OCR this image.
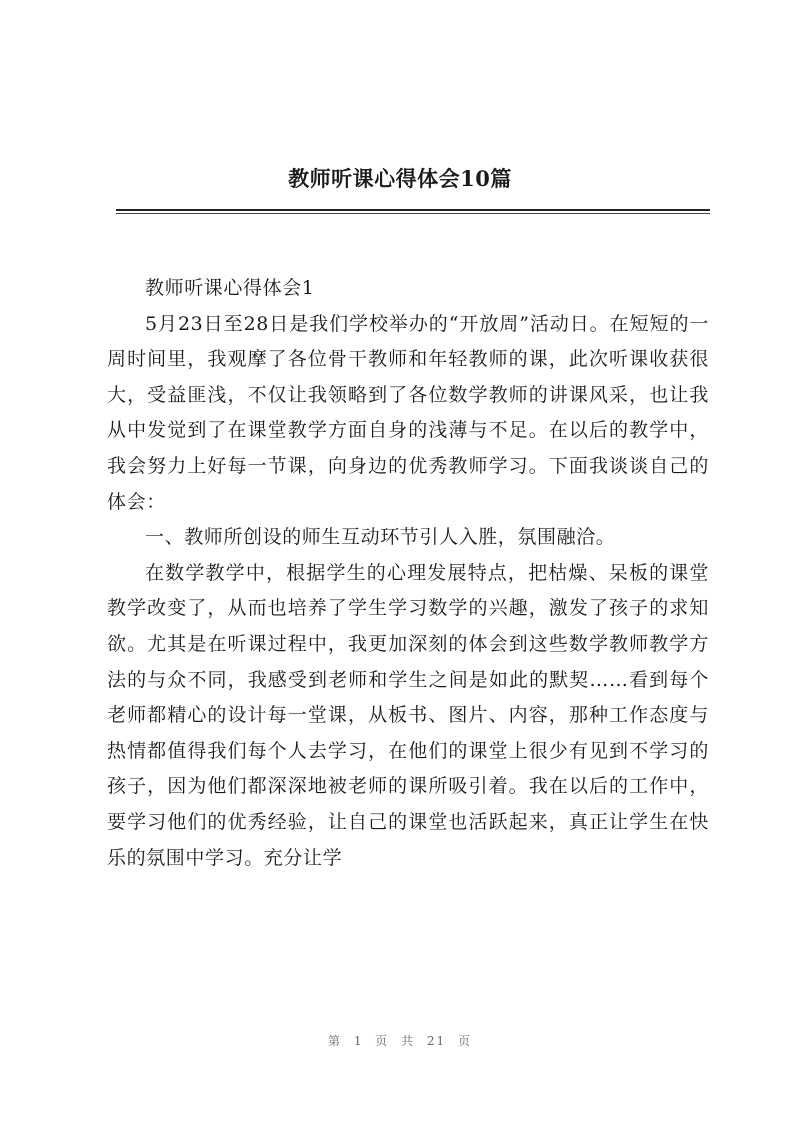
教师听课心得体会10篇

教师听课心得体会1

5月23日至28日是我们学校举办的“开放周”活动日。在短短的一周时间里，我观摩了各位骨干教师和年轻教师的课，此次听课收获很大，受益匪浅，不仅让我领略到了各位数学教师的讲课风采，也让我从中发觉到了在课堂教学方面自身的浅薄与不足。在以后的教学中，我会努力上好每一节课，向身边的优秀教师学习。下面我谈谈自己的体会：

一、教师所创设的师生互动环节引人入胜，氛围融洽。

在数学教学中，根据学生的心理发展特点，把枯燥、呆板的课堂教学改变了，从而也培养了学生学习数学的兴趣，激发了孩子的求知欲。尤其是在听课过程中，我更加深刻的体会到这些数学教师教学方法的与众不同，我感受到老师和学生之间是如此的默契……看到每个老师都精心的设计每一堂课，从板书、图片、内容，那种工作态度与热情都值得我们每个人去学习，在他们的课堂上很少有见到不学习的孩子，因为他们都深深地被老师的课所吸引着。我在以后的工作中，要学习他们的优秀经验，让自己的课堂也活跃起来，真正让学生在快乐的氛围中学习。充分让学

第 1 页 共 21 页
